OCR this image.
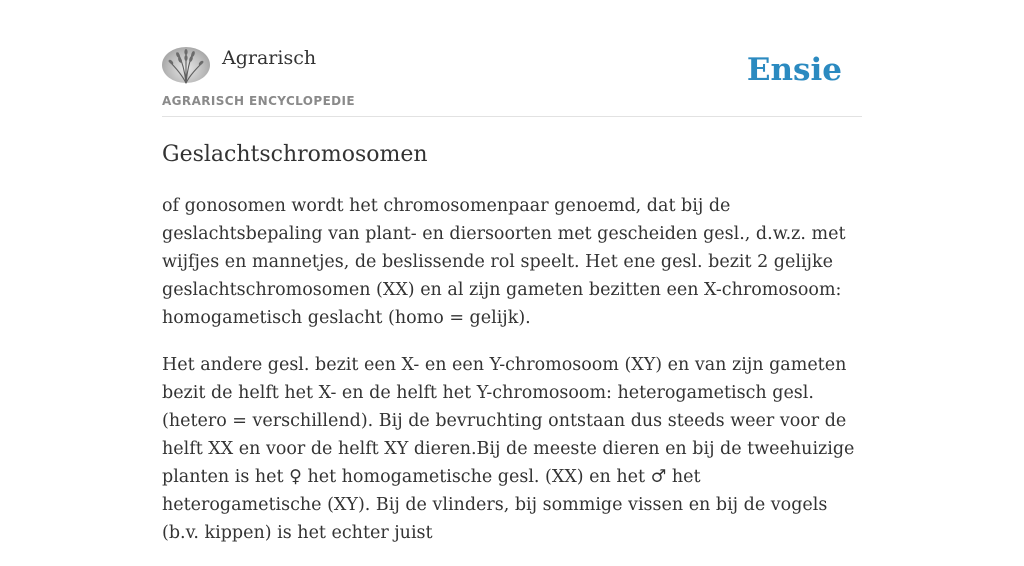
Agrarisch
AGRARISCH ENCYCLOPEDIE
Ensie
Geslachtschromosomen

of gonosomen wordt het chromosomenpaar genoemd, dat bij de geslachtsbepaling van plant- en diersoorten met gescheiden gesl., d.w.z. met wijfjes en mannetjes, de beslissende rol speelt. Het ene gesl. bezit 2 gelijke geslachtschromosomen (XX) en al zijn gameten bezitten een X-chromosoom: homogametisch geslacht (homo = gelijk).

Het andere gesl. bezit een X- en een Y-chromosoom (XY) en van zijn gameten bezit de helft het X- en de helft het Y-chromosoom: heterogametisch gesl. (hetero = verschillend). Bij de bevruchting ontstaan dus steeds weer voor de helft XX en voor de helft XY dieren.Bij de meeste dieren en bij de tweehuizige planten is het ♀ het homogametische gesl. (XX) en het ♂ het heterogametische (XY). Bij de vlinders, bij sommige vissen en bij de vogels (b.v. kippen) is het echter juist
